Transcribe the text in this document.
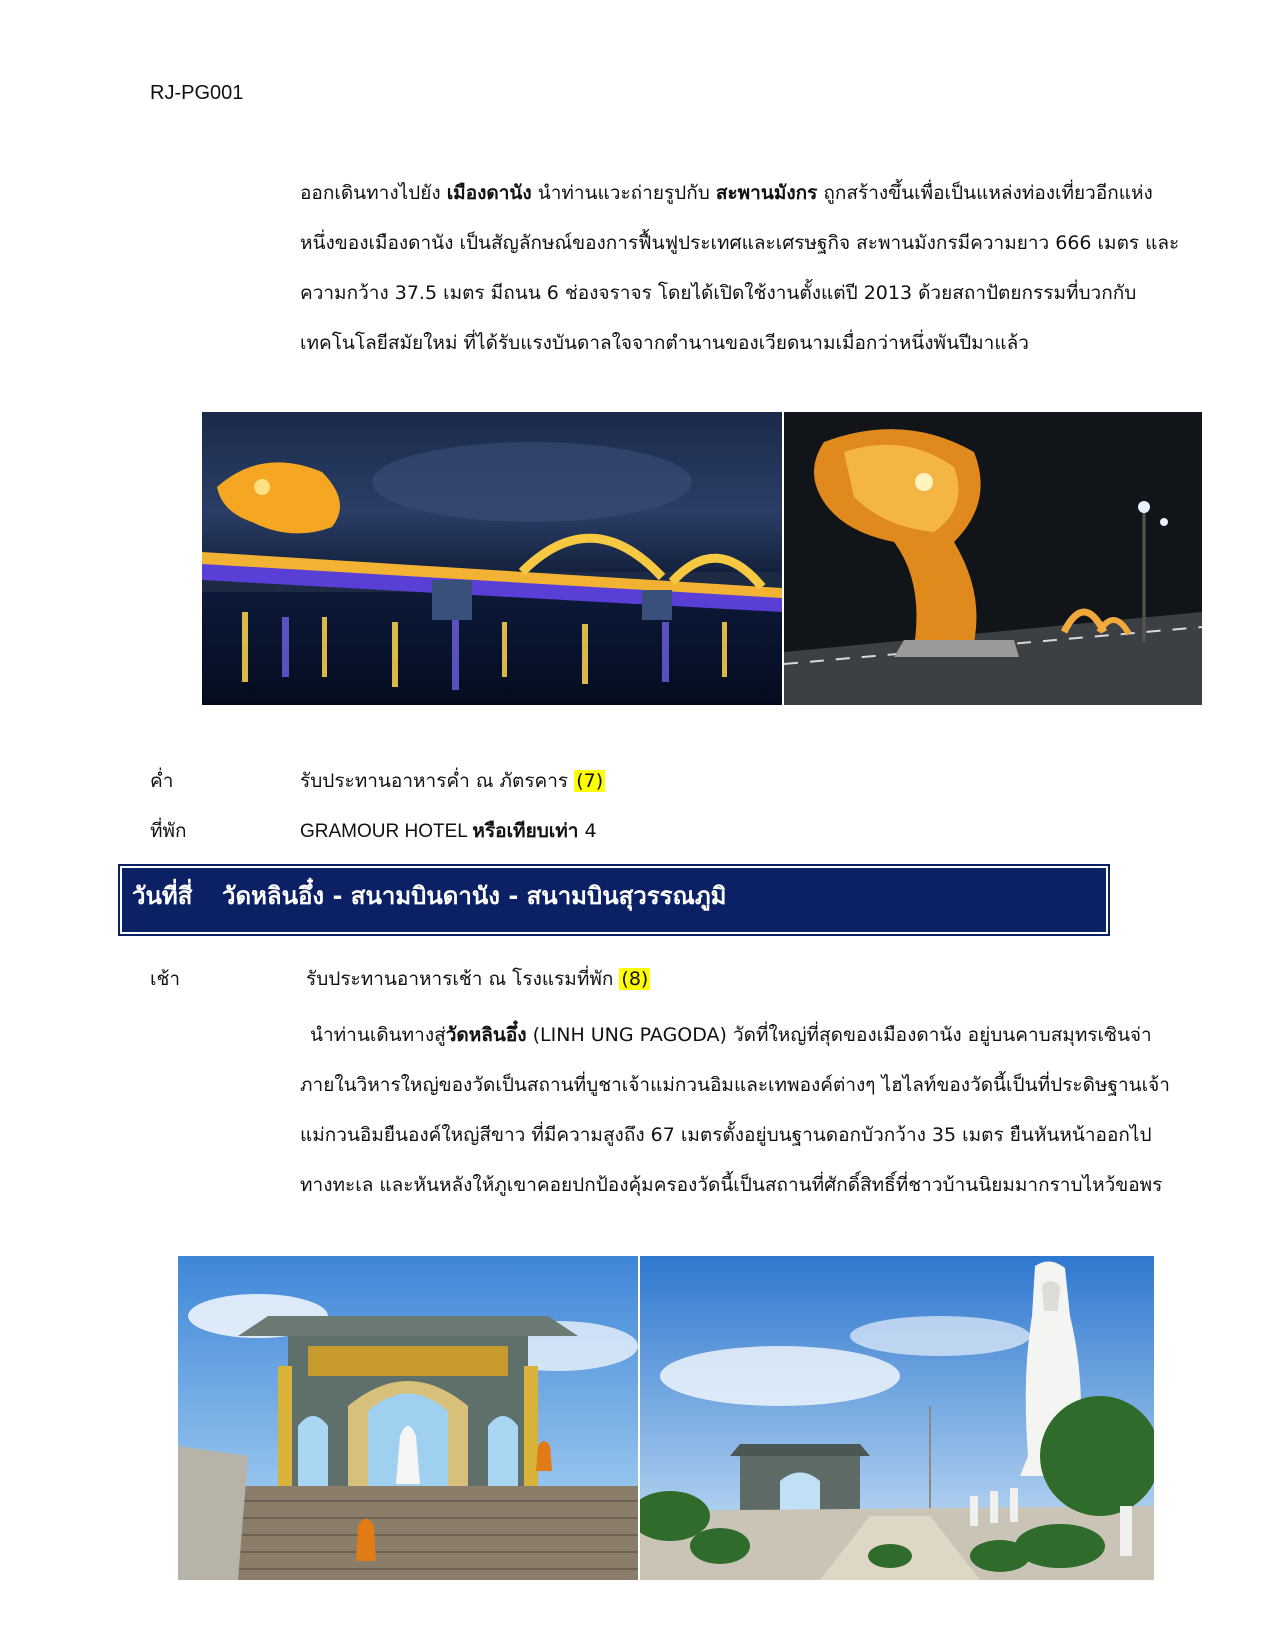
RJ-PG001

ออกเดินทางไปยัง เมืองดานัง นำท่านแวะถ่ายรูปกับ สะพานมังกร ถูกสร้างขึ้นเพื่อเป็นแหล่งท่องเที่ยวอีกแห่งหนึ่งของเมืองดานัง เป็นสัญลักษณ์ของการฟื้นฟูประเทศและเศรษฐกิจ สะพานมังกรมีความยาว 666 เมตร และความกว้าง 37.5 เมตร มีถนน 6 ช่องจราจร โดยได้เปิดใช้งานตั้งแต่ปี 2013 ด้วยสถาปัตยกรรมที่บวกกับเทคโนโลยีสมัยใหม่ ที่ได้รับแรงบันดาลใจจากตำนานของเวียดนามเมื่อกว่าหนึ่งพันปีมาแล้ว

ค่ำ	รับประทานอาหารค่ำ ณ ภัตรคาร (7)
ที่พัก	GRAMOUR HOTEL หรือเทียบเท่า 4
วันที่สี่ วัดหลินอึ๋ง - สนามบินดานัง - สนามบินสุวรรณภูมิ
เช้า	รับประทานอาหารเช้า ณ โรงแรมที่พัก (8)

นำท่านเดินทางสู่วัดหลินอึ๋ง (LINH UNG PAGODA) วัดที่ใหญ่ที่สุดของเมืองดานัง อยู่บนคาบสมุทรเซินจ่า ภายในวิหารใหญ่ของวัดเป็นสถานที่บูชาเจ้าแม่กวนอิมและเทพองค์ต่างๆ ไฮไลท์ของวัดนี้เป็นที่ประดิษฐานเจ้าแม่กวนอิมยืนองค์ใหญ่สีขาว ที่มีความสูงถึง 67 เมตรตั้งอยู่บนฐานดอกบัวกว้าง 35 เมตร ยืนหันหน้าออกไปทางทะเล และหันหลังให้ภูเขาคอยปกป้องคุ้มครองวัดนี้เป็นสถานที่ศักดิ์สิทธิ์ที่ชาวบ้านนิยมมากราบไหว้ขอพร
